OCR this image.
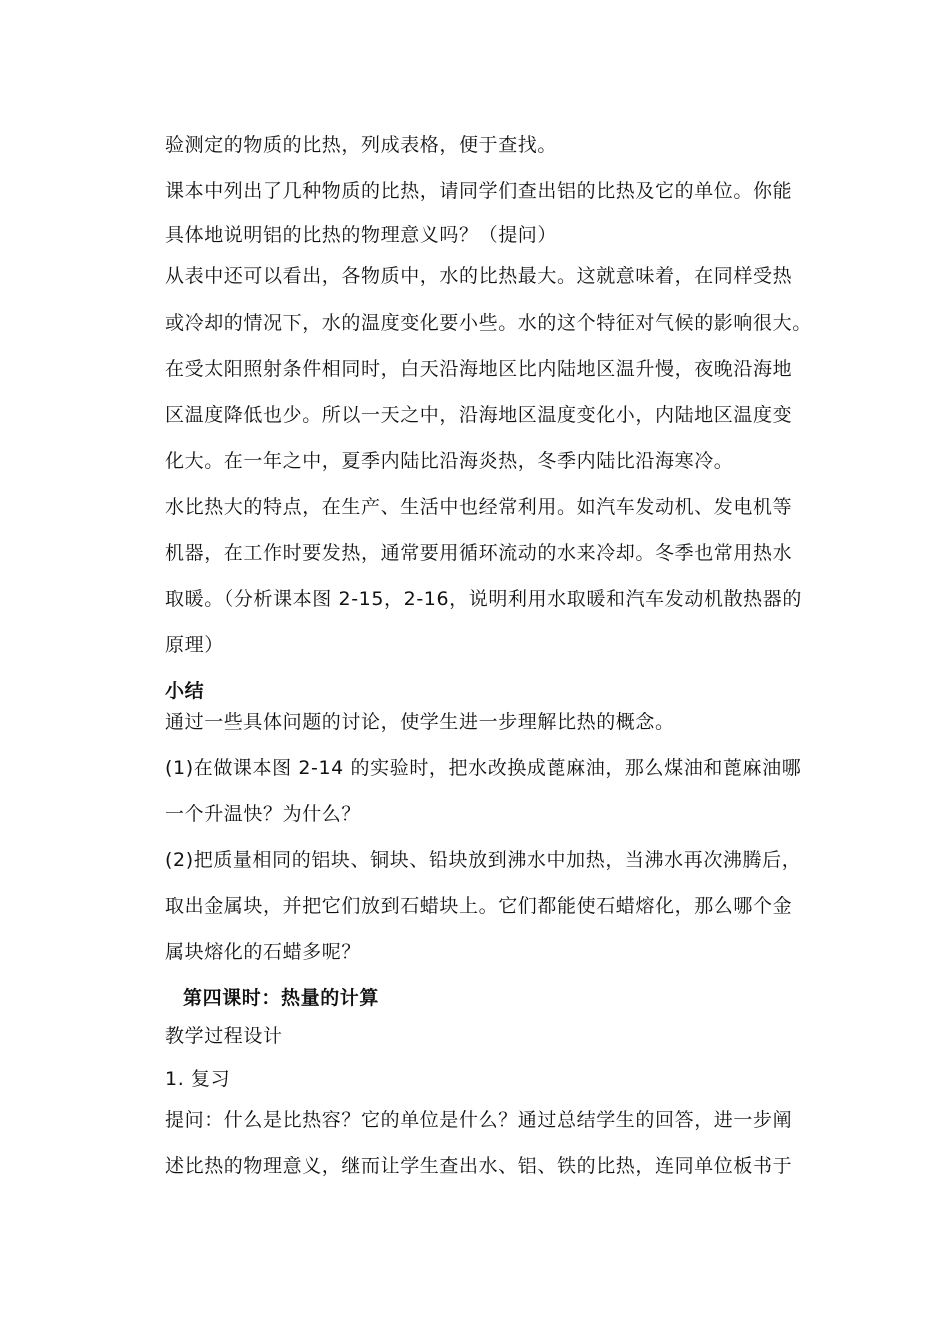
验测定的物质的比热，列成表格，便于查找。
课本中列出了几种物质的比热，请同学们查出铝的比热及它的单位。你能
具体地说明铝的比热的物理意义吗？（提问）
从表中还可以看出，各物质中，水的比热最大。这就意味着，在同样受热
或冷却的情况下，水的温度变化要小些。水的这个特征对气候的影响很大。
在受太阳照射条件相同时，白天沿海地区比内陆地区温升慢，夜晚沿海地
区温度降低也少。所以一天之中，沿海地区温度变化小，内陆地区温度变
化大。在一年之中，夏季内陆比沿海炎热，冬季内陆比沿海寒冷。
水比热大的特点，在生产、生活中也经常利用。如汽车发动机、发电机等
机器，在工作时要发热，通常要用循环流动的水来冷却。冬季也常用热水
取暖。（分析课本图 2-15，2-16，说明利用水取暖和汽车发动机散热器的
原理）
小结
通过一些具体问题的讨论，使学生进一步理解比热的概念。
(1)在做课本图 2-14 的实验时，把水改换成蓖麻油，那么煤油和蓖麻油哪
一个升温快？为什么？
(2)把质量相同的铝块、铜块、铅块放到沸水中加热，当沸水再次沸腾后，
取出金属块，并把它们放到石蜡块上。它们都能使石蜡熔化，那么哪个金
属块熔化的石蜡多呢？
第四课时：热量的计算
教学过程设计
1. 复习
提问：什么是比热容？它的单位是什么？通过总结学生的回答，进一步阐
述比热的物理意义，继而让学生查出水、铝、铁的比热，连同单位板书于
